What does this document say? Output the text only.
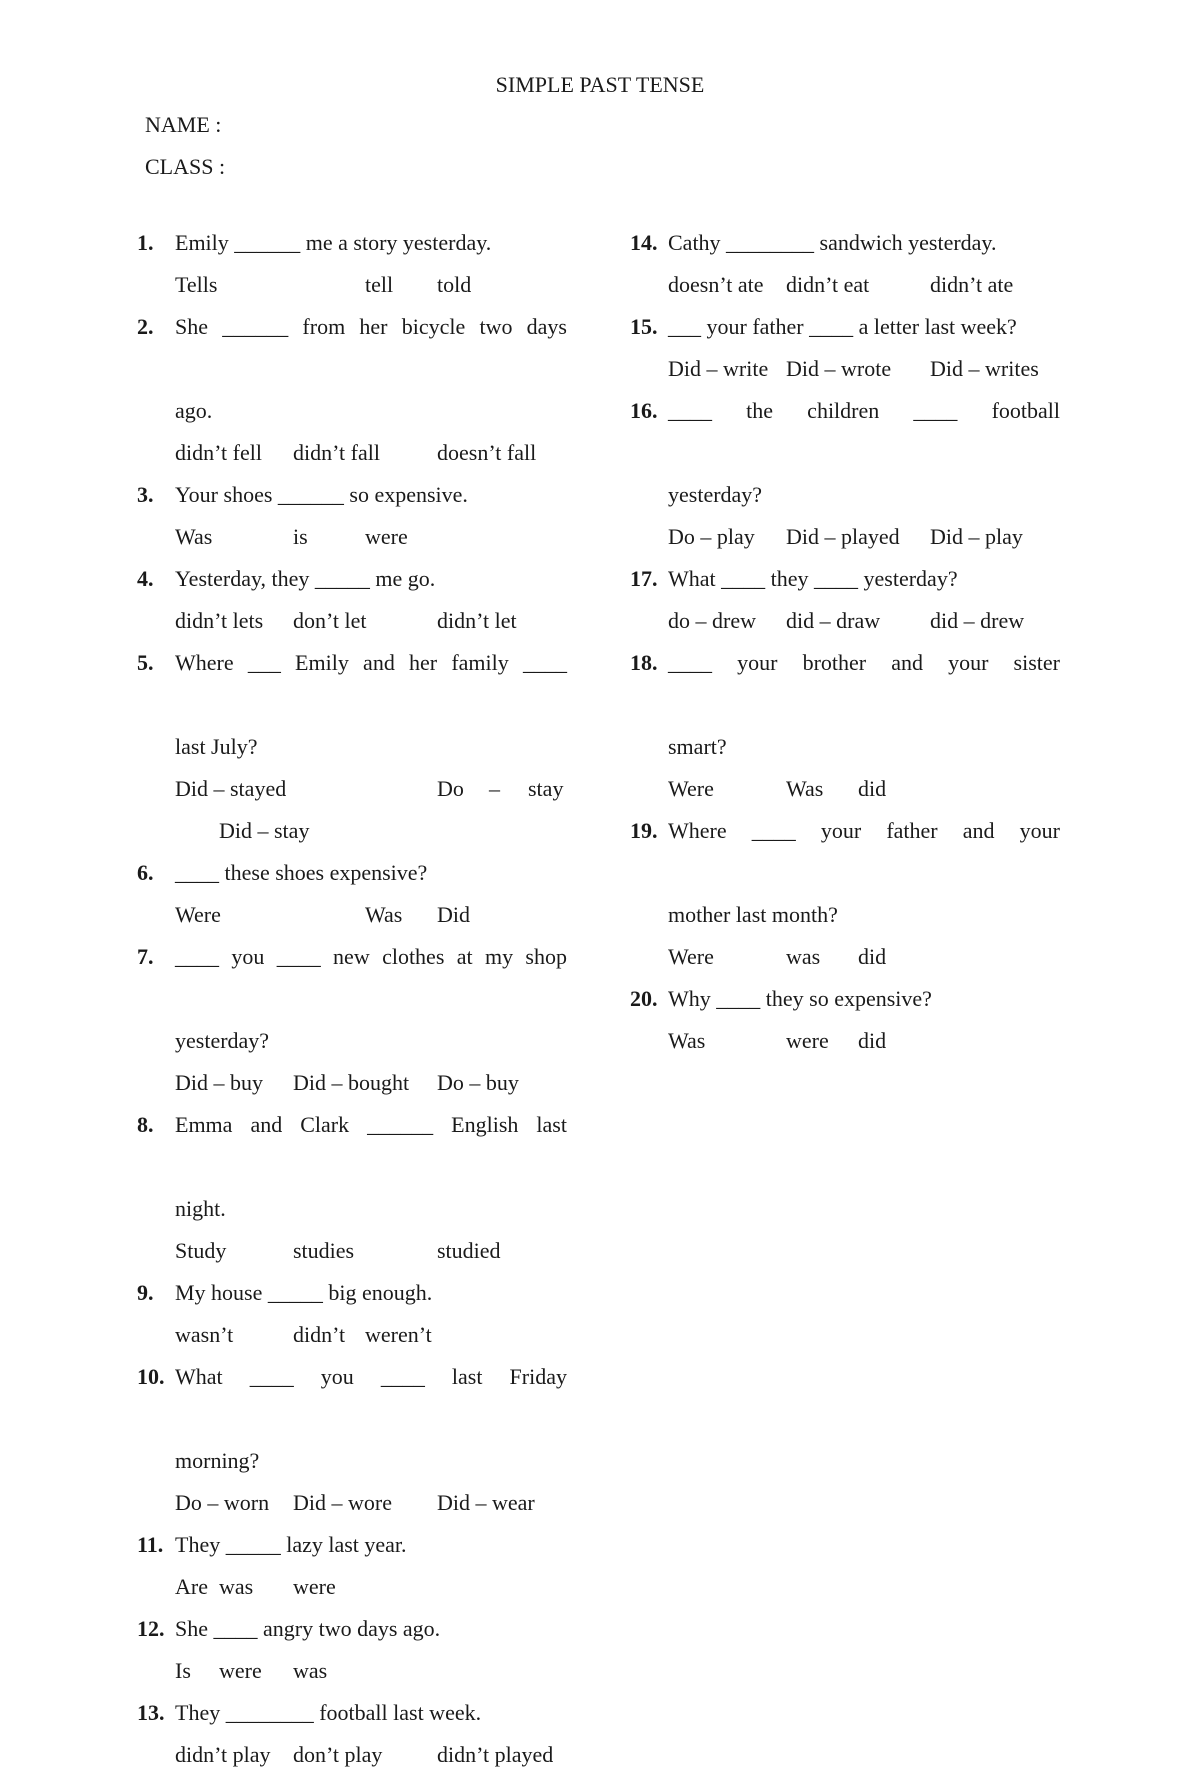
SIMPLE PAST TENSE
NAME :
CLASS :
1. Emily ______ me a story yesterday.
Tells	tell told
2. She ______ from her bicycle two days
ago.
didn’t fell didn’t fall	doesn’t fall
3. Your shoes ______ so expensive.
Was	is	were
4. Yesterday, they _____ me go.
didn’t lets don’t let	didn’t let
5. Where ___ Emily and her family ____
last July?
Did – stayed	Do – stay
Did – stay
6. ____ these shoes expensive?
Were	Was Did
7. ____ you ____ new clothes at my shop
yesterday?
Did – buy Did – bought Do – buy
8. Emma and Clark ______ English last
night.
Study	studies	studied
9. My house _____ big enough.
wasn’t	didn’t weren’t
10. What ____ you ____ last Friday
morning?
Do – worn Did – wore Did – wear
11. They _____ lazy last year.
Are was were
12. She ____ angry two days ago.
Is were was
13. They ________ football last week.
didn’t play don’t play didn’t played
14. Cathy ________ sandwich yesterday.
doesn’t ate didn’t eat	didn’t ate
15. ___ your father ____ a letter last week?
Did – write Did – wrote Did – writes
16. ____ the children ____ football
yesterday?
Do – play Did – played Did – play
17. What ____ they ____ yesterday?
do – drew did – draw did – drew
18. ____ your brother and your sister
smart?
Were	Was did
19. Where ____ your father and your
mother last month?
Were	was did
20. Why ____ they so expensive?
Was	were did
